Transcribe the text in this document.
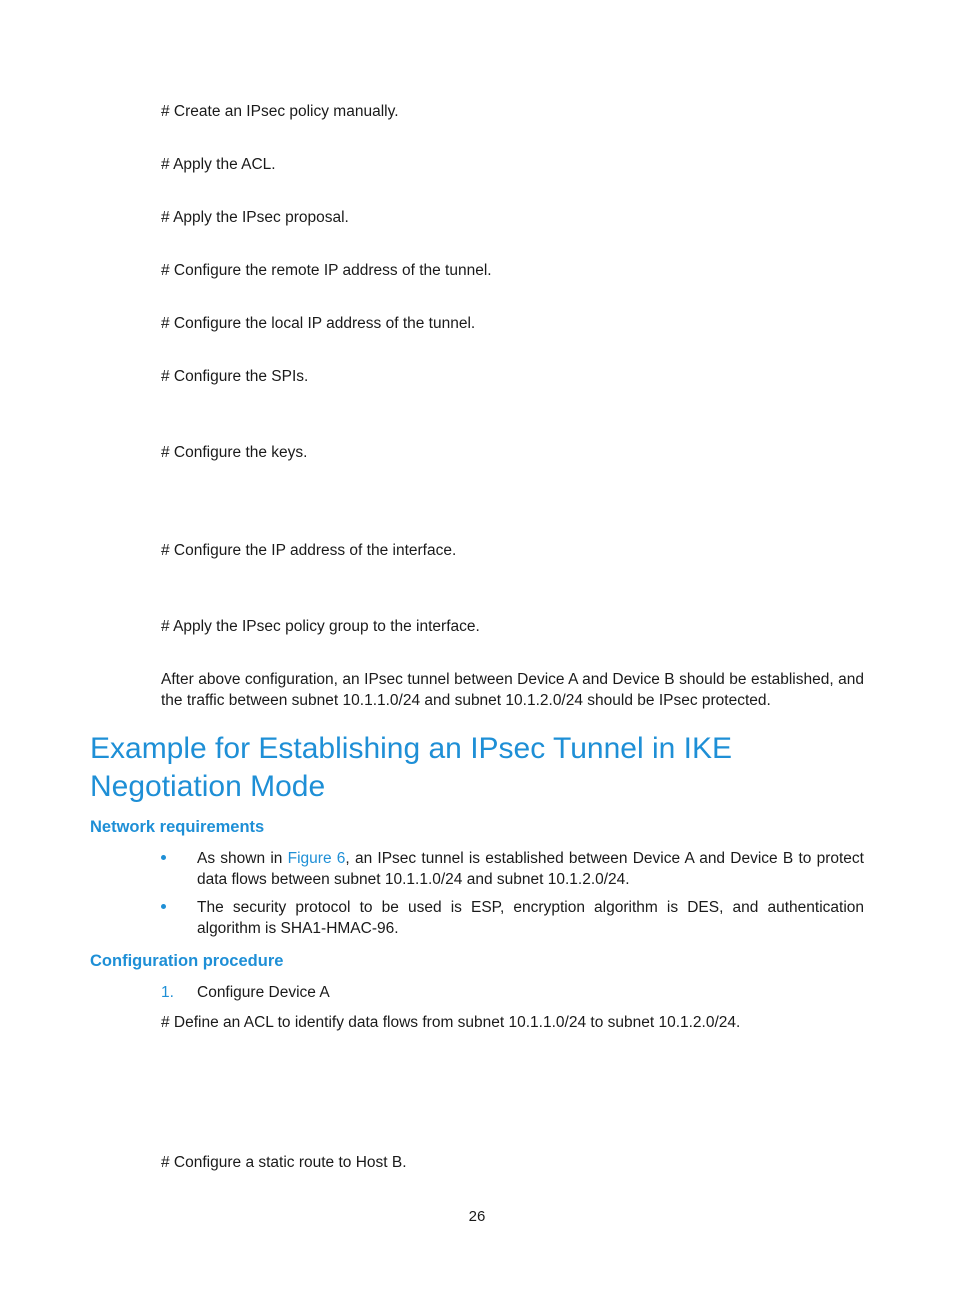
# Create an IPsec policy manually.
# Apply the ACL.
# Apply the IPsec proposal.
# Configure the remote IP address of the tunnel.
# Configure the local IP address of the tunnel.
# Configure the SPIs.
# Configure the keys.
# Configure the IP address of the interface.
# Apply the IPsec policy group to the interface.
After above configuration, an IPsec tunnel between Device A and Device B should be established, and the traffic between subnet 10.1.1.0/24 and subnet 10.1.2.0/24 should be IPsec protected.
Example for Establishing an IPsec Tunnel in IKE Negotiation Mode
Network requirements
As shown in Figure 6, an IPsec tunnel is established between Device A and Device B to protect data flows between subnet 10.1.1.0/24 and subnet 10.1.2.0/24.
The security protocol to be used is ESP, encryption algorithm is DES, and authentication algorithm is SHA1-HMAC-96.
Configuration procedure
1. Configure Device A
# Define an ACL to identify data flows from subnet 10.1.1.0/24 to subnet 10.1.2.0/24.
# Configure a static route to Host B.
26
